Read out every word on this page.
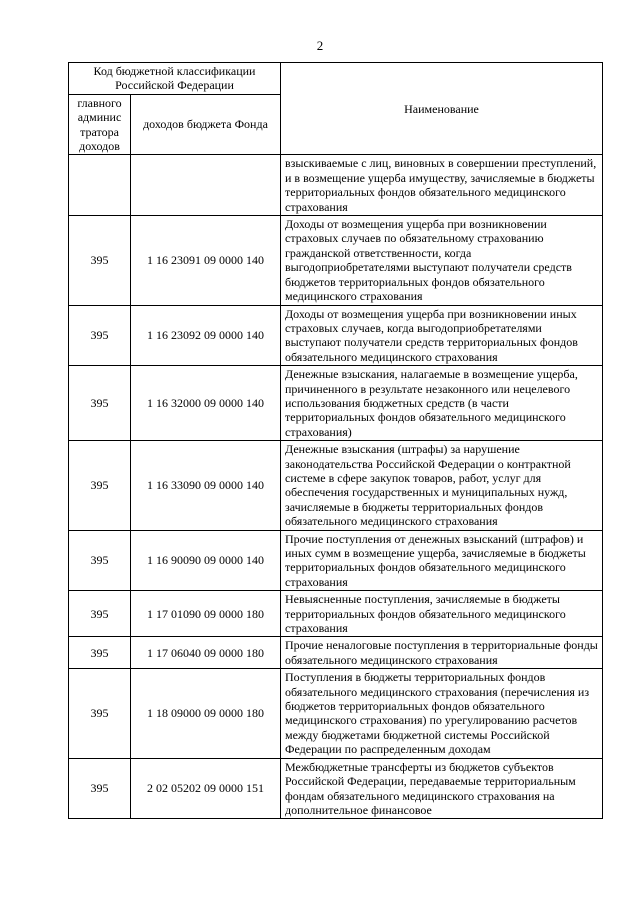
2
Код бюджетной классификации Российской Федерации		Наименование
главного админис тратора доходов	доходов бюджета Фонда	
		взыскиваемые с лиц, виновных в совершении преступлений, и в возмещение ущерба имуществу, зачисляемые в бюджеты территориальных фондов обязательного медицинского страхования
395	1 16 23091 09 0000 140	Доходы от возмещения ущерба при возникновении страховых случаев по обязательному страхованию гражданской ответственности, когда выгодоприобретателями выступают получатели средств бюджетов территориальных фондов обязательного медицинского страхования
395	1 16 23092 09 0000 140	Доходы от возмещения ущерба при возникновении иных страховых случаев, когда выгодоприобретателями выступают получатели средств территориальных фондов обязательного медицинского страхования
395	1 16 32000 09 0000 140	Денежные взыскания, налагаемые в возмещение ущерба, причиненного в результате незаконного или нецелевого использования бюджетных средств (в части территориальных фондов обязательного медицинского страхования)
395	1 16 33090 09 0000 140	Денежные взыскания (штрафы) за нарушение законодательства Российской Федерации о контрактной системе в сфере закупок товаров, работ, услуг для обеспечения государственных и муниципальных нужд, зачисляемые в бюджеты территориальных фондов обязательного медицинского страхования
395	1 16 90090 09 0000 140	Прочие поступления от денежных взысканий (штрафов) и иных сумм в возмещение ущерба, зачисляемые в бюджеты территориальных фондов обязательного медицинского страхования
395	1 17 01090 09 0000 180	Невыясненные поступления, зачисляемые в бюджеты территориальных фондов обязательного медицинского страхования
395	1 17 06040 09 0000 180	Прочие неналоговые поступления в территориальные фонды обязательного медицинского страхования
395	1 18 09000 09 0000 180	Поступления в бюджеты территориальных фондов обязательного медицинского страхования (перечисления из бюджетов территориальных фондов обязательного медицинского страхования) по урегулированию расчетов между бюджетами бюджетной системы Российской Федерации по распределенным доходам
395	2 02 05202 09 0000 151	Межбюджетные трансферты из бюджетов субъектов Российской Федерации, передаваемые территориальным фондам обязательного медицинского страхования на дополнительное финансовое
